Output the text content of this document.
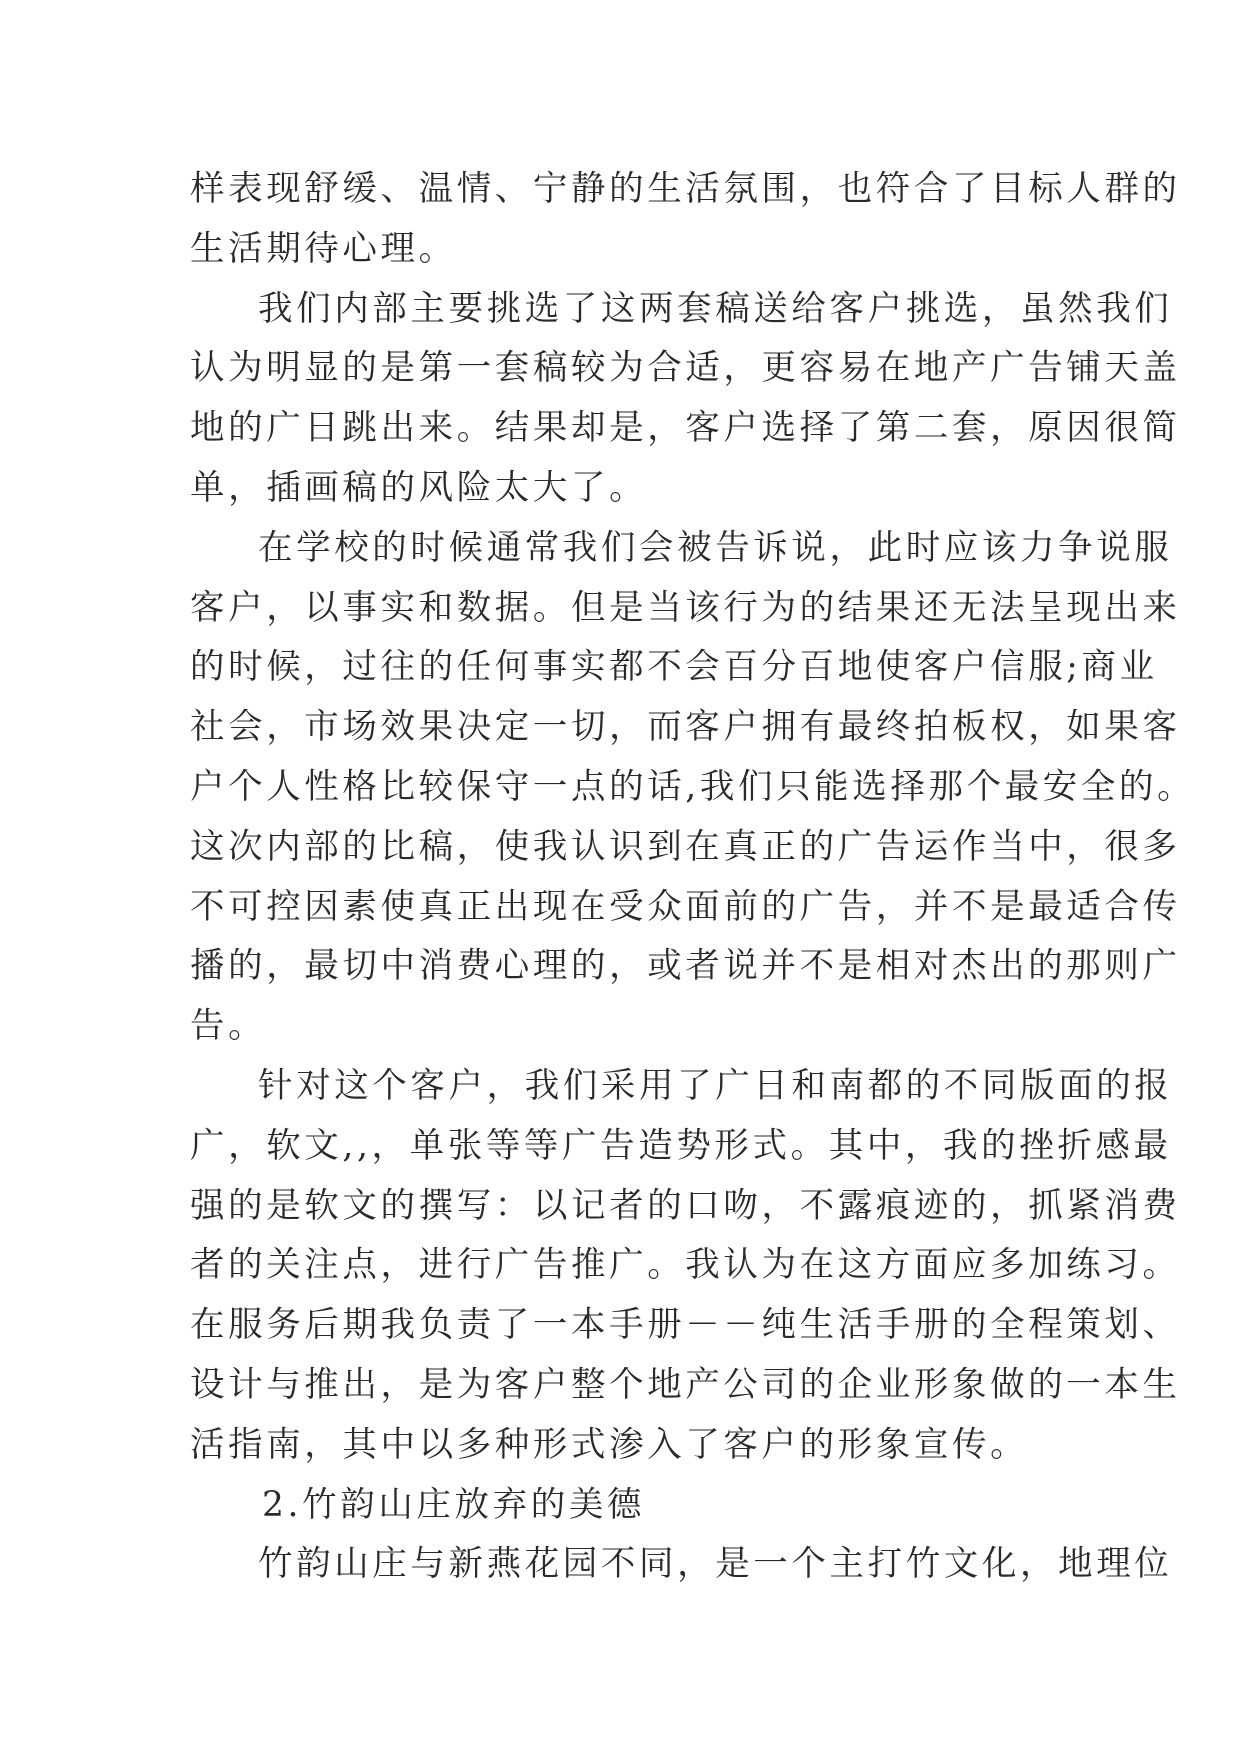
样表现舒缓、温情、宁静的生活氛围，也符合了目标人群的
生活期待心理。
我们内部主要挑选了这两套稿送给客户挑选，虽然我们
认为明显的是第一套稿较为合适，更容易在地产广告铺天盖
地的广日跳出来。结果却是，客户选择了第二套，原因很简
单，插画稿的风险太大了。
在学校的时候通常我们会被告诉说，此时应该力争说服
客户，以事实和数据。但是当该行为的结果还无法呈现出来
的时候，过往的任何事实都不会百分百地使客户信服;商业
社会，市场效果决定一切，而客户拥有最终拍板权，如果客
户个人性格比较保守一点的话,我们只能选择那个最安全的。
这次内部的比稿，使我认识到在真正的广告运作当中，很多
不可控因素使真正出现在受众面前的广告，并不是最适合传
播的，最切中消费心理的，或者说并不是相对杰出的那则广
告。
针对这个客户，我们采用了广日和南都的不同版面的报
广，软文,,，单张等等广告造势形式。其中，我的挫折感最
强的是软文的撰写：以记者的口吻，不露痕迹的，抓紧消费
者的关注点，进行广告推广。我认为在这方面应多加练习。
在服务后期我负责了一本手册－－纯生活手册的全程策划、
设计与推出，是为客户整个地产公司的企业形象做的一本生
活指南，其中以多种形式渗入了客户的形象宣传。
2.竹韵山庄放弃的美德
竹韵山庄与新燕花园不同，是一个主打竹文化，地理位
